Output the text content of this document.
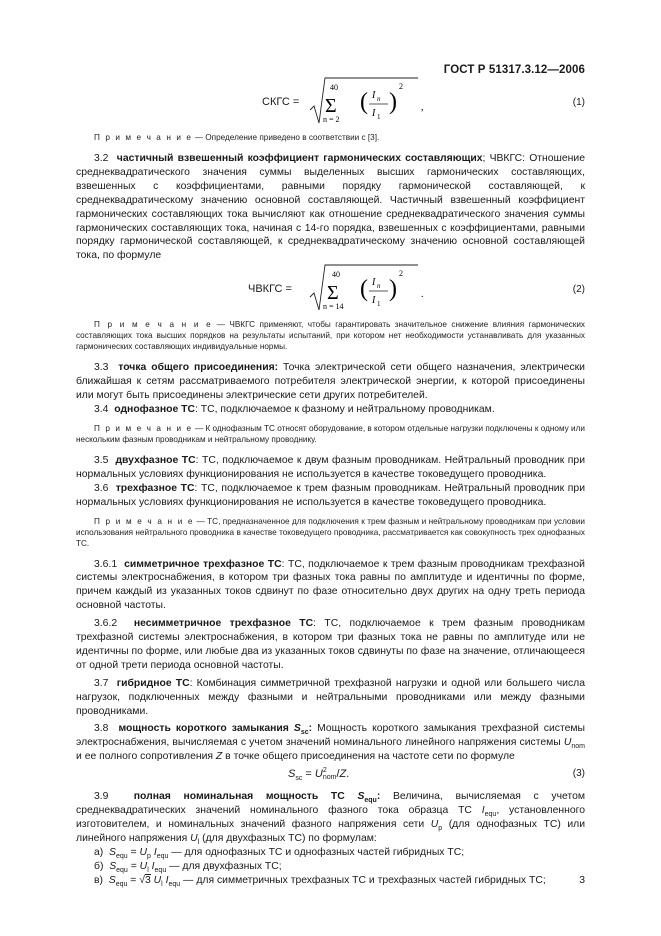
ГОСТ Р 51317.3.12—2006
СКГС =
40
Σ
n = 2
( I n
I 1
)
2
,	(1)

П р и м е ч а н и е — Определение приведено в соответствии с [3].

3.2 частичный взвешенный коэффициент гармонических составляющих; ЧВКГС: Отношение среднеквадратического значения суммы выделенных высших гармонических составляющих, взвешенных с коэффициентами, равными порядку гармонической составляющей, к среднеквадратическому значению основной составляющей. Частичный взвешенный коэффициент гармонических составляющих тока вычисляют как отношение среднеквадратического значения суммы гармонических составляющих тока, начиная с 14-го порядка, взвешенных с коэффициентами, равными порядку гармонической составляющей, к среднеквадратическому значению основной составляющей тока, по формуле

ЧВКГС =
40
Σ
n = 14
( I n
I 1
)
2
.	(2)

П р и м е ч а н и е — ЧВКГС применяют, чтобы гарантировать значительное снижение влияния гармонических составляющих тока высших порядков на результаты испытаний, при котором нет необходимости устанавливать для указанных гармонических составляющих индивидуальные нормы.

3.3 точка общего присоединения: Точка электрической сети общего назначения, электрически ближайшая к сетям рассматриваемого потребителя электрической энергии, к которой присоединены или могут быть присоединены электрические сети других потребителей.

3.4 однофазное ТС: ТС, подключаемое к фазному и нейтральному проводникам.

П р и м е ч а н и е — К однофазным ТС относят оборудование, в котором отдельные нагрузки подключены к одному или нескольким фазным проводникам и нейтральному проводнику.

3.5 двухфазное ТС: ТС, подключаемое к двум фазным проводникам. Нейтральный проводник при нормальных условиях функционирования не используется в качестве токоведущего проводника.

3.6 трехфазное ТС: ТС, подключаемое к трем фазным проводникам. Нейтральный проводник при нормальных условиях функционирования не используется в качестве токоведущего проводника.

П р и м е ч а н и е — ТС, предназначенное для подключения к трем фазным и нейтральному проводникам при условии использования нейтрального проводника в качестве токоведущего проводника, рассматривается как совокупность трех однофазных ТС.

3.6.1 симметричное трехфазное ТС: ТС, подключаемое к трем фазным проводникам трехфазной системы электроснабжения, в котором три фазных тока равны по амплитуде и идентичны по форме, причем каждый из указанных токов сдвинут по фазе относительно двух других на одну треть периода основной частоты.

3.6.2 несимметричное трехфазное ТС: ТС, подключаемое к трем фазным проводникам трехфазной системы электроснабжения, в котором три фазных тока не равны по амплитуде или не идентичны по форме, или любые два из указанных токов сдвинуты по фазе на значение, отличающееся от одной трети периода основной частоты.

3.7 гибридное ТС: Комбинация симметричной трехфазной нагрузки и одной или большего числа нагрузок, подключенных между фазными и нейтральными проводниками или между фазными проводниками.

3.8 мощность короткого замыкания $S_{sc}$: Мощность короткого замыкания трехфазной системы электроснабжения, вычисляемая с учетом значений номинального линейного напряжения системы $U_{nom}$ и ее полного сопротивления Z в точке общего присоединения на частоте сети по формуле

$S_{sc} = U$ 2
nom /Z.	(3)

3.9 полная номинальная мощность ТС $S_{equ}$: Величина, вычисляемая с учетом среднеквадратических значений номинального фазного тока образца ТС $I_{equ}$, установленного изготовителем, и номинальных значений фазного напряжения сети $U_p$ (для однофазных ТС) или линейного напряжения $U_l$ (для двухфазных ТС) по формулам:

а) $S_{equ} = U_p$ $I_{equ}$ — для однофазных ТС и однофазных частей гибридных ТС;
б) $S_{equ} = U_l$ $I_{equ}$ — для двухфазных ТС;
в) $S_{equ} = √3$ $U_l$ $I_{equ}$ — для симметричных трехфазных ТС и трехфазных частей гибридных ТС;	3
